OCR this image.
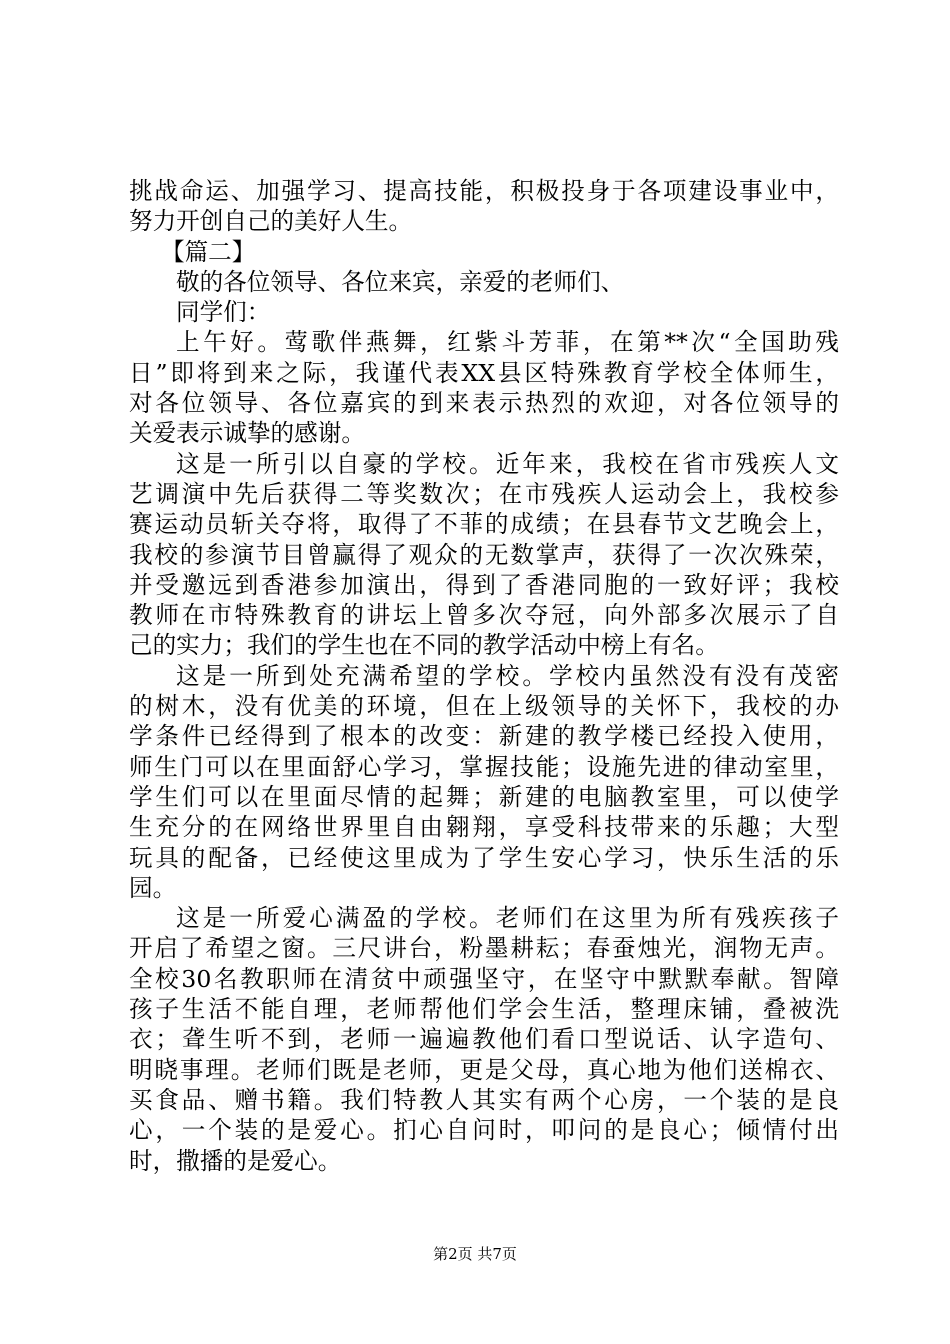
挑战命运、加强学习、提高技能，积极投身于各项建设事业中，
努力开创自己的美好人生。
【篇二】
敬的各位领导、各位来宾，亲爱的老师们、
同学们：
上午好。莺歌伴燕舞，红紫斗芳菲，在第**次“全国助残
日”即将到来之际，我谨代表XX县区特殊教育学校全体师生，
对各位领导、各位嘉宾的到来表示热烈的欢迎，对各位领导的
关爱表示诚挚的感谢。
这是一所引以自豪的学校。近年来，我校在省市残疾人文
艺调演中先后获得二等奖数次；在市残疾人运动会上，我校参
赛运动员斩关夺将，取得了不菲的成绩；在县春节文艺晚会上，
我校的参演节目曾赢得了观众的无数掌声，获得了一次次殊荣，
并受邀远到香港参加演出，得到了香港同胞的一致好评；我校
教师在市特殊教育的讲坛上曾多次夺冠，向外部多次展示了自
己的实力；我们的学生也在不同的教学活动中榜上有名。
这是一所到处充满希望的学校。学校内虽然没有没有茂密
的树木，没有优美的环境，但在上级领导的关怀下，我校的办
学条件已经得到了根本的改变：新建的教学楼已经投入使用，
师生门可以在里面舒心学习，掌握技能；设施先进的律动室里，
学生们可以在里面尽情的起舞；新建的电脑教室里，可以使学
生充分的在网络世界里自由翱翔，享受科技带来的乐趣；大型
玩具的配备，已经使这里成为了学生安心学习，快乐生活的乐
园。
这是一所爱心满盈的学校。老师们在这里为所有残疾孩子
开启了希望之窗。三尺讲台，粉墨耕耘；春蚕烛光，润物无声。
全校30名教职师在清贫中顽强坚守，在坚守中默默奉献。智障
孩子生活不能自理，老师帮他们学会生活，整理床铺，叠被洗
衣；聋生听不到，老师一遍遍教他们看口型说话、认字造句、
明晓事理。老师们既是老师，更是父母，真心地为他们送棉衣、
买食品、赠书籍。我们特教人其实有两个心房，一个装的是良
心，一个装的是爱心。扪心自问时，叩问的是良心；倾情付出
时，撒播的是爱心。
第2页 共7页
